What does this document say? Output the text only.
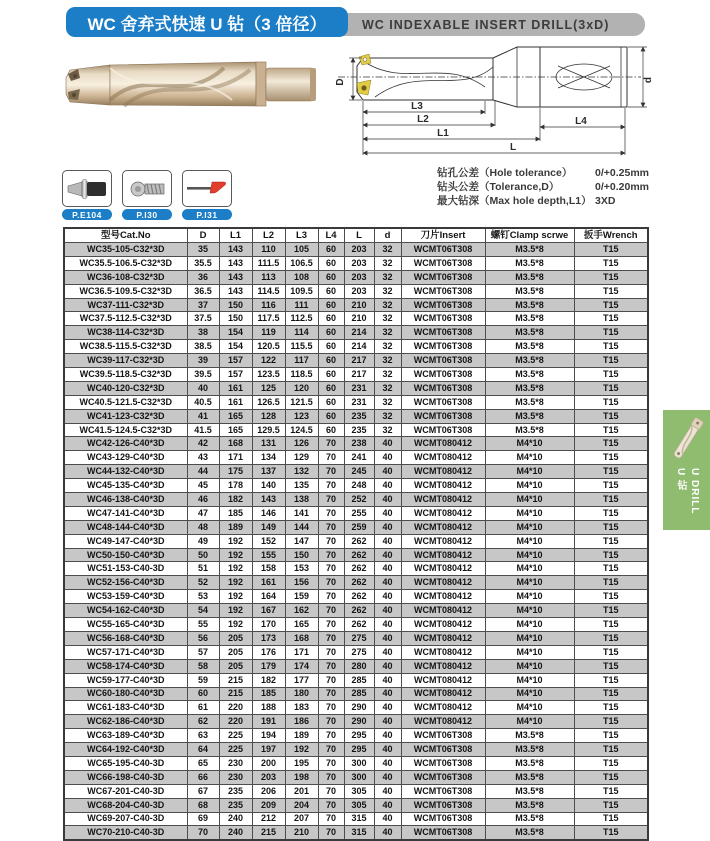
WC INDEXABLE INSERT DRILL(3xD)
WC 舍弃式快速 U 钻（3 倍径）
D
L3
L2
L1
L
L4
d
钻孔公差（Hole tolerance）	0/+0.25mm
钻头公差（Tolerance,D）	0/+0.20mm
最大钻深（Max hole depth,L1） 3XD
P.E104	P.I30	P.I31
型号Cat.No	D	L1	L2	L3	L4	L	d	刀片Insert	螺钉Clamp scrwe	扳手Wrench
WC35-105-C32*3D	35	143	110	105	60	203	32	WCMT06T308	M3.5*8	T15
WC35.5-106.5-C32*3D	35.5	143	111.5	106.5	60	203	32	WCMT06T308	M3.5*8	T15
WC36-108-C32*3D	36	143	113	108	60	203	32	WCMT06T308	M3.5*8	T15
WC36.5-109.5-C32*3D	36.5	143	114.5	109.5	60	203	32	WCMT06T308	M3.5*8	T15
WC37-111-C32*3D	37	150	116	111	60	210	32	WCMT06T308	M3.5*8	T15
WC37.5-112.5-C32*3D	37.5	150	117.5	112.5	60	210	32	WCMT06T308	M3.5*8	T15
WC38-114-C32*3D	38	154	119	114	60	214	32	WCMT06T308	M3.5*8	T15
WC38.5-115.5-C32*3D	38.5	154	120.5	115.5	60	214	32	WCMT06T308	M3.5*8	T15
WC39-117-C32*3D	39	157	122	117	60	217	32	WCMT06T308	M3.5*8	T15
WC39.5-118.5-C32*3D	39.5	157	123.5	118.5	60	217	32	WCMT06T308	M3.5*8	T15
WC40-120-C32*3D	40	161	125	120	60	231	32	WCMT06T308	M3.5*8	T15
WC40.5-121.5-C32*3D	40.5	161	126.5	121.5	60	231	32	WCMT06T308	M3.5*8	T15
WC41-123-C32*3D	41	165	128	123	60	235	32	WCMT06T308	M3.5*8	T15
WC41.5-124.5-C32*3D	41.5	165	129.5	124.5	60	235	32	WCMT06T308	M3.5*8	T15
WC42-126-C40*3D	42	168	131	126	70	238	40	WCMT080412	M4*10	T15
WC43-129-C40*3D	43	171	134	129	70	241	40	WCMT080412	M4*10	T15
WC44-132-C40*3D	44	175	137	132	70	245	40	WCMT080412	M4*10	T15
WC45-135-C40*3D	45	178	140	135	70	248	40	WCMT080412	M4*10	T15
WC46-138-C40*3D	46	182	143	138	70	252	40	WCMT080412	M4*10	T15
WC47-141-C40*3D	47	185	146	141	70	255	40	WCMT080412	M4*10	T15
WC48-144-C40*3D	48	189	149	144	70	259	40	WCMT080412	M4*10	T15
WC49-147-C40*3D	49	192	152	147	70	262	40	WCMT080412	M4*10	T15
WC50-150-C40*3D	50	192	155	150	70	262	40	WCMT080412	M4*10	T15
WC51-153-C40-3D	51	192	158	153	70	262	40	WCMT080412	M4*10	T15
WC52-156-C40*3D	52	192	161	156	70	262	40	WCMT080412	M4*10	T15
WC53-159-C40*3D	53	192	164	159	70	262	40	WCMT080412	M4*10	T15
WC54-162-C40*3D	54	192	167	162	70	262	40	WCMT080412	M4*10	T15
WC55-165-C40*3D	55	192	170	165	70	262	40	WCMT080412	M4*10	T15
WC56-168-C40*3D	56	205	173	168	70	275	40	WCMT080412	M4*10	T15
WC57-171-C40*3D	57	205	176	171	70	275	40	WCMT080412	M4*10	T15
WC58-174-C40*3D	58	205	179	174	70	280	40	WCMT080412	M4*10	T15
WC59-177-C40*3D	59	215	182	177	70	285	40	WCMT080412	M4*10	T15
WC60-180-C40*3D	60	215	185	180	70	285	40	WCMT080412	M4*10	T15
WC61-183-C40*3D	61	220	188	183	70	290	40	WCMT080412	M4*10	T15
WC62-186-C40*3D	62	220	191	186	70	290	40	WCMT080412	M4*10	T15
WC63-189-C40*3D	63	225	194	189	70	295	40	WCMT06T308	M3.5*8	T15
WC64-192-C40*3D	64	225	197	192	70	295	40	WCMT06T308	M3.5*8	T15
WC65-195-C40-3D	65	230	200	195	70	300	40	WCMT06T308	M3.5*8	T15
WC66-198-C40-3D	66	230	203	198	70	300	40	WCMT06T308	M3.5*8	T15
WC67-201-C40-3D	67	235	206	201	70	305	40	WCMT06T308	M3.5*8	T15
WC68-204-C40-3D	68	235	209	204	70	305	40	WCMT06T308	M3.5*8	T15
WC69-207-C40-3D	69	240	212	207	70	315	40	WCMT06T308	M3.5*8	T15
WC70-210-C40-3D	70	240	215	210	70	315	40	WCMT06T308	M3.5*8	T15
U DRILL
U 钻
